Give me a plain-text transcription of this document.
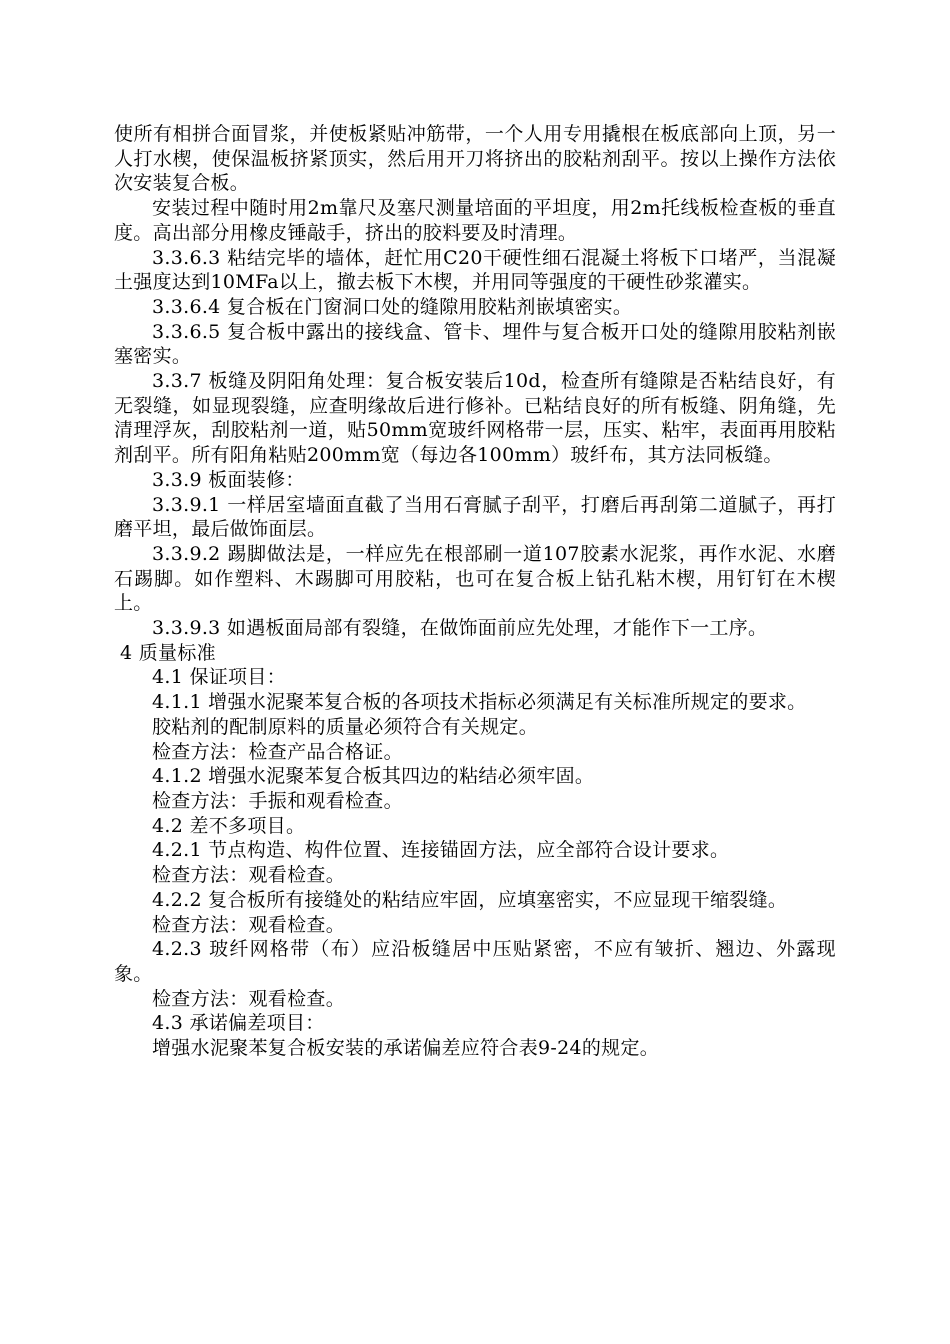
使所有相拼合面冒浆，并使板紧贴冲筋带，一个人用专用撬根在板底部向上顶，另一人打水楔，使保温板挤紧顶实，然后用开刀将挤出的胶粘剂刮平。按以上操作方法依次安装复合板。

安装过程中随时用2m靠尺及塞尺测量培面的平坦度，用2m托线板检查板的垂直度。高出部分用橡皮锤敲手，挤出的胶料要及时清理。

3.3.6.3 粘结完毕的墙体，赶忙用C20干硬性细石混凝土将板下口堵严，当混凝土强度达到10MFa以上，撤去板下木楔，并用同等强度的干硬性砂浆灌实。

3.3.6.4 复合板在门窗洞口处的缝隙用胶粘剂嵌填密实。

3.3.6.5 复合板中露出的接线盒、管卡、埋件与复合板开口处的缝隙用胶粘剂嵌塞密实。

3.3.7 板缝及阴阳角处理：复合板安装后10d，检查所有缝隙是否粘结良好，有无裂缝，如显现裂缝，应查明缘故后进行修补。已粘结良好的所有板缝、阴角缝，先清理浮灰，刮胶粘剂一道，贴50mm宽玻纤网格带一层，压实、粘牢，表面再用胶粘剂刮平。所有阳角粘贴200mm宽（每边各100mm）玻纤布，其方法同板缝。

3.3.9 板面装修：

3.3.9.1 一样居室墙面直截了当用石膏腻子刮平，打磨后再刮第二道腻子，再打磨平坦，最后做饰面层。

3.3.9.2 踢脚做法是，一样应先在根部刷一道107胶素水泥浆，再作水泥、水磨石踢脚。如作塑料、木踢脚可用胶粘，也可在复合板上钻孔粘木楔，用钉钉在木楔上。

3.3.9.3 如遇板面局部有裂缝，在做饰面前应先处理，才能作下一工序。

4 质量标准

4.1 保证项目：

4.1.1 增强水泥聚苯复合板的各项技术指标必须满足有关标准所规定的要求。

胶粘剂的配制原料的质量必须符合有关规定。

检查方法：检查产品合格证。

4.1.2 增强水泥聚苯复合板其四边的粘结必须牢固。

检查方法：手振和观看检查。

4.2 差不多项目。

4.2.1 节点构造、构件位置、连接锚固方法，应全部符合设计要求。

检查方法：观看检查。

4.2.2 复合板所有接缝处的粘结应牢固，应填塞密实，不应显现干缩裂缝。

检查方法：观看检查。

4.2.3 玻纤网格带（布）应沿板缝居中压贴紧密，不应有皱折、翘边、外露现象。

检查方法：观看检查。

4.3 承诺偏差项目：

增强水泥聚苯复合板安装的承诺偏差应符合表9-24的规定。
